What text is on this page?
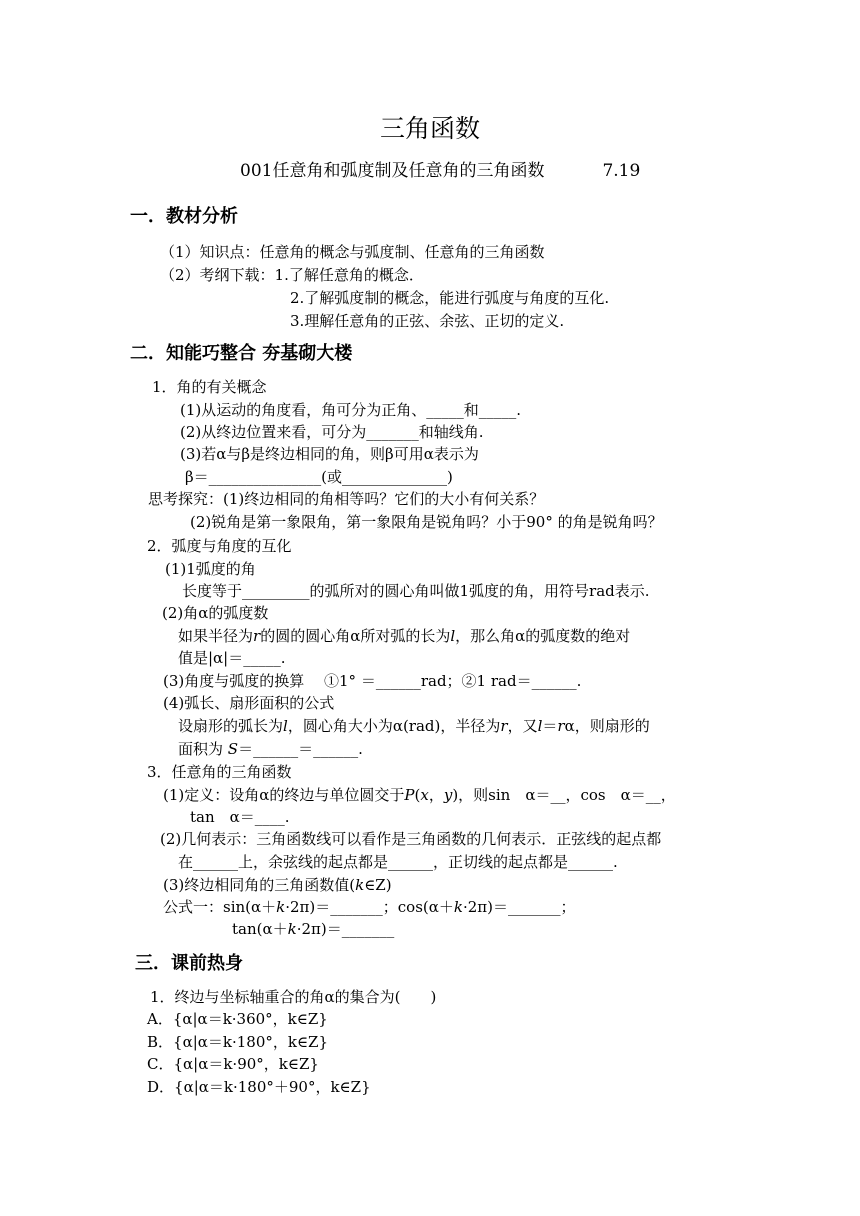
三角函数
001任意角和弧度制及任意角的三角函数	7.19
一．教材分析
（1）知识点：任意角的概念与弧度制、任意角的三角函数
（2）考纲下载：1.了解任意角的概念．
2.了解弧度制的概念，能进行弧度与角度的互化.
3.理解任意角的正弦、余弦、正切的定义.
二．知能巧整合 夯基砌大楼
1．角的有关概念
(1)从运动的角度看，角可分为正角、_____和_____.
(2)从终边位置来看，可分为_______和轴线角.
(3)若α与β是终边相同的角，则β可用α表示为
β＝_______________(或______________)
思考探究：(1)终边相同的角相等吗？它们的大小有何关系？
(2)锐角是第一象限角，第一象限角是锐角吗？小于90° 的角是锐角吗？
2．弧度与角度的互化
(1)1弧度的角
长度等于_________的弧所对的圆心角叫做1弧度的角，用符号rad表示.
(2)角α的弧度数
如果半径为r的圆的圆心角α所对弧的长为l，那么角α的弧度数的绝对
值是|α|＝_____.
(3)角度与弧度的换算　 ①1° ＝______rad；②1 rad＝______.
(4)弧长、扇形面积的公式
设扇形的弧长为l，圆心角大小为α(rad)，半径为r，又l＝rα，则扇形的
面积为 S＝______＝______.
3．任意角的三角函数
(1)定义：设角α的终边与单位圆交于P(x，y)，则sin　α＝__，cos　α＝__，
tan　α＝____.
(2)几何表示：三角函数线可以看作是三角函数的几何表示．正弦线的起点都
在______上，余弦线的起点都是______，正切线的起点都是______.
(3)终边相同角的三角函数值(k∈Z)
公式一：sin(α＋k·2π)＝_______；cos(α＋k·2π)＝_______；
tan(α＋k·2π)＝_______
三．课前热身
1．终边与坐标轴重合的角α的集合为(　　)
A．{α|α＝k·360°，k∈Z}
B．{α|α＝k·180°，k∈Z}
C．{α|α＝k·90°，k∈Z}
D．{α|α＝k·180°＋90°，k∈Z}
